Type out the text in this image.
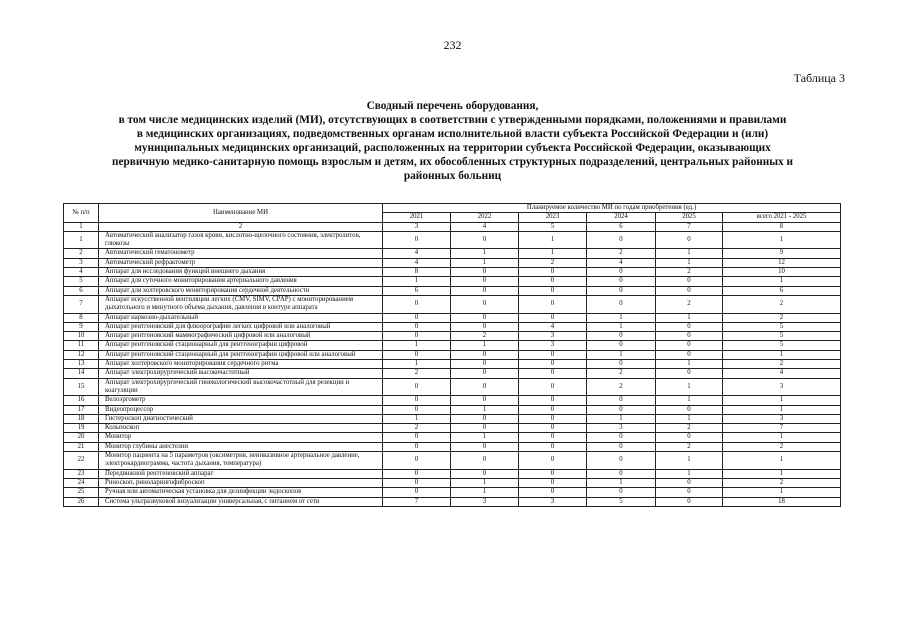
232
Таблица 3
Сводный перечень оборудования,
в том числе медицинских изделий (МИ), отсутствующих в соответствии с утвержденными порядками, положениями и правилами
в медицинских организациях, подведомственных органам исполнительной власти субъекта Российской Федерации и (или)
муниципальных медицинских организаций, расположенных на территории субъекта Российской Федерации, оказывающих
первичную медико-санитарную помощь взрослым и детям, их обособленных структурных подразделений, центральных районных и
районных больниц
№ п/п	Наименование МИ	Планируемое количество МИ по годам приобретения (ед.)					
		2021	2022	2023	2024	2025	всего 2021 - 2025
1	2	3	4	5	6	7	8
1	Автоматический анализатор газов крови, кислотно-щелочного состояния, электролитов, глюкозы	0	0	1	0	0	1
2	Автоматический гематонометр	4	1	1	2	1	9
3	Автоматический рефрактометр	4	1	2	4	1	12
4	Аппарат для исследования функций внешнего дыхания	8	0	0	0	2	10
5	Аппарат для суточного мониторирования артериального давления	1	0	0	0	0	1
6	Аппарат для холтеровского мониторирования сердечной деятельности	6	0	0	0	0	6
7	Аппарат искусственной вентиляции легких (CMV, SIMV, CPAP) с мониторированием дыхательного и минутного объема дыхания, давления в контуре аппарата	0	0	0	0	2	2
8	Аппарат наркозно-дыхательный	0	0	0	1	1	2
9	Аппарат рентгеновский для флюорографии легких цифровой или аналоговый	0	0	4	1	0	5
10	Аппарат рентгеновский маммографический цифровой или аналоговый	0	2	3	0	0	5
11	Аппарат рентгеновский стационарный для рентгенографии цифровой	1	1	3	0	0	5
12	Аппарат рентгеновский стационарный для рентгенографии цифровой или аналоговый	0	0	0	1	0	1
13	Аппарат холтеровского мониторирования сердечного ритма	1	0	0	0	1	2
14	Аппарат электрохирургический высокочастотный	2	0	0	2	0	4
15	Аппарат электрохирургический гинекологический высокочастотный для резекции и коагуляции	0	0	0	2	1	3
16	Велоэргометр	0	0	0	0	1	1
17	Видеопроцессор	0	1	0	0	0	1
18	Гистероскоп диагностический	1	0	0	1	1	3
19	Кольпоскоп	2	0	0	3	2	7
20	Монитор	0	1	0	0	0	1
21	Монитор глубины анестезии	0	0	0	0	2	2
22	Монитор пациента на 5 параметров (оксиметрия, неинвазивное артериальное давление, электрокардиограмма, частота дыхания, температура)	0	0	0	0	1	1
23	Передвижной рентгеновский аппарат	0	0	0	0	1	1
24	Риноскоп, риноларингофиброскоп	0	1	0	1	0	2
25	Ручная или автоматическая установка для дезинфекции эндоскопов	0	1	0	0	0	1
26	Система ультразвуковой визуализации универсальная, с питанием от сети	7	3	3	5	0	18
